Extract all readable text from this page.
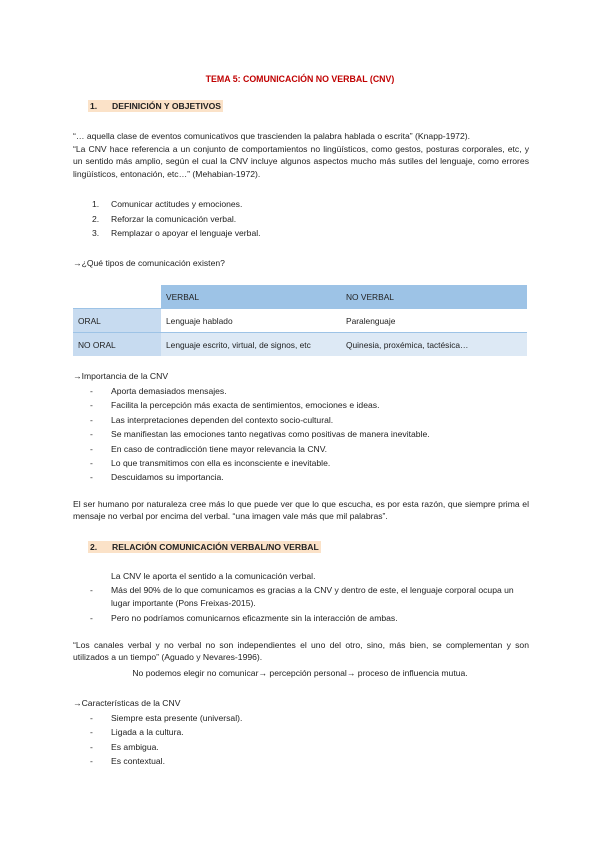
TEMA 5: COMUNICACIÓN NO VERBAL (CNV)
1. DEFINICIÓN Y OBJETIVOS

“… aquella clase de eventos comunicativos que trascienden la palabra hablada o escrita” (Knapp-1972).

“La CNV hace referencia a un conjunto de comportamientos no lingüísticos, como gestos, posturas corporales, etc, y un sentido más amplio, según el cual la CNV incluye algunos aspectos mucho más sutiles del lenguaje, como errores lingüísticos, entonación, etc…” (Mehabian-1972).

1. Comunicar actitudes y emociones.
2. Reforzar la comunicación verbal.
3. Remplazar o apoyar el lenguaje verbal.
→¿Qué tipos de comunicación existen?
	VERBAL	NO VERBAL
ORAL	Lenguaje hablado	Paralenguaje
NO ORAL	Lenguaje escrito, virtual, de signos, etc	Quinesia, proxémica, tactésica…
→Importancia de la CNV
- Aporta demasiados mensajes.
- Facilita la percepción más exacta de sentimientos, emociones e ideas.
- Las interpretaciones dependen del contexto socio-cultural.
- Se manifiestan las emociones tanto negativas como positivas de manera inevitable.
- En caso de contradicción tiene mayor relevancia la CNV.
- Lo que transmitimos con ella es inconsciente e inevitable.
- Descuidamos su importancia.

El ser humano por naturaleza cree más lo que puede ver que lo que escucha, es por esta razón, que siempre prima el mensaje no verbal por encima del verbal. “una imagen vale más que mil palabras”.

2. RELACIÓN COMUNICACIÓN VERBAL/NO VERBAL
La CNV le aporta el sentido a la comunicación verbal.
- Más del 90% de lo que comunicamos es gracias a la CNV y dentro de este, el lenguaje corporal ocupa un lugar importante (Pons Freixas-2015).
- Pero no podríamos comunicarnos eficazmente sin la interacción de ambas.

“Los canales verbal y no verbal no son independientes el uno del otro, sino, más bien, se complementan y son utilizados a un tiempo” (Aguado y Nevares-1996).

No podemos elegir no comunicar→ percepción personal→ proceso de influencia mutua.
→Características de la CNV
- Siempre esta presente (universal).
- Ligada a la cultura.
- Es ambigua.
- Es contextual.
